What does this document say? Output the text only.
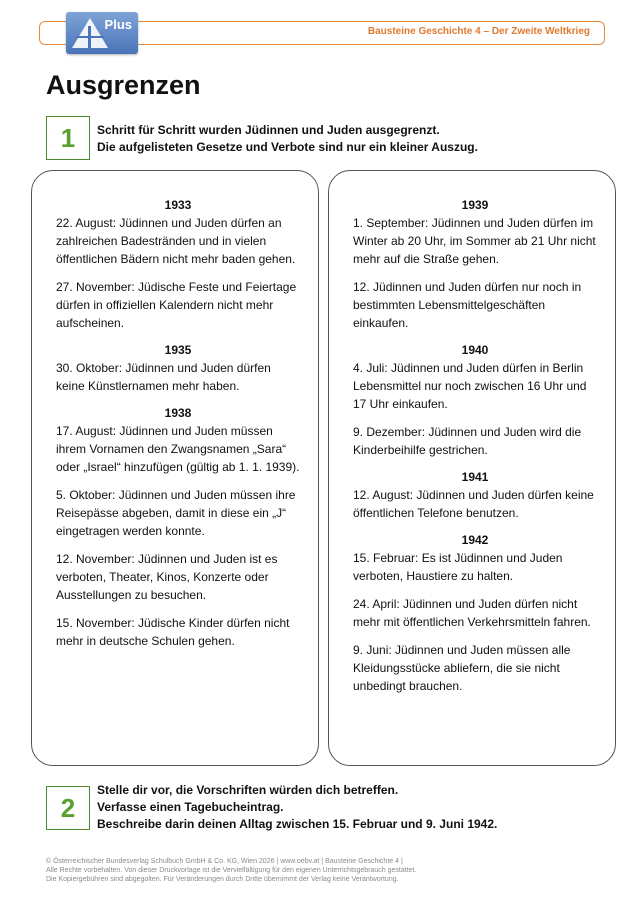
Bausteine Geschichte 4 – Der Zweite Weltkrieg
Plus
Ausgrenzen
1	Schritt für Schritt wurden Jüdinnen und Juden ausgegrenzt.
Die aufgelisteten Gesetze und Verbote sind nur ein kleiner Auszug.

1933

22. August: Jüdinnen und Juden dürfen an zahlreichen Badestränden und in vielen öffentlichen Bädern nicht mehr baden gehen.

27. November: Jüdische Feste und Feiertage dürfen in offiziellen Kalendern nicht mehr aufscheinen.

1935

30. Oktober: Jüdinnen und Juden dürfen keine Künstlernamen mehr haben.

1938

17. August: Jüdinnen und Juden müssen ihrem Vornamen den Zwangsnamen „Sara“ oder „Israel“ hinzufügen (gültig ab 1. 1. 1939).

5. Oktober: Jüdinnen und Juden müssen ihre Reisepässe abgeben, damit in diese ein „J“ eingetragen werden konnte.

12. November: Jüdinnen und Juden ist es verboten, Theater, Kinos, Konzerte oder Ausstellungen zu besuchen.

15. November: Jüdische Kinder dürfen nicht mehr in deutsche Schulen gehen.

1939

1. September: Jüdinnen und Juden dürfen im Winter ab 20 Uhr, im Sommer ab 21 Uhr nicht mehr auf die Straße gehen.

12. Jüdinnen und Juden dürfen nur noch in bestimmten Lebensmittelgeschäften einkaufen.

1940

4. Juli: Jüdinnen und Juden dürfen in Berlin Lebensmittel nur noch zwischen 16 Uhr und 17 Uhr einkaufen.

9. Dezember: Jüdinnen und Juden wird die Kinderbeihilfe gestrichen.

1941

12. August: Jüdinnen und Juden dürfen keine öffentlichen Telefone benutzen.

1942

15. Februar: Es ist Jüdinnen und Juden verboten, Haustiere zu halten.

24. April: Jüdinnen und Juden dürfen nicht mehr mit öffentlichen Verkehrsmitteln fahren.

9. Juni: Jüdinnen und Juden müssen alle Kleidungsstücke abliefern, die sie nicht unbedingt brauchen.

2
Stelle dir vor, die Vorschriften würden dich betreffen.
Verfasse einen Tagebucheintrag.
Beschreibe darin deinen Alltag zwischen 15. Februar und 9. Juni 1942.
© Österreichischer Bundesverlag Schulbuch GmbH & Co. KG, Wien 2026 | www.oebv.at | Bausteine Geschichte 4 |
Alle Rechte vorbehalten. Von dieser Druckvorlage ist die Vervielfältigung für den eigenen Unterrichtsgebrauch gestattet.
Die Kopiergebühren sind abgegolten. Für Veränderungen durch Dritte übernimmt der Verlag keine Verantwortung.
